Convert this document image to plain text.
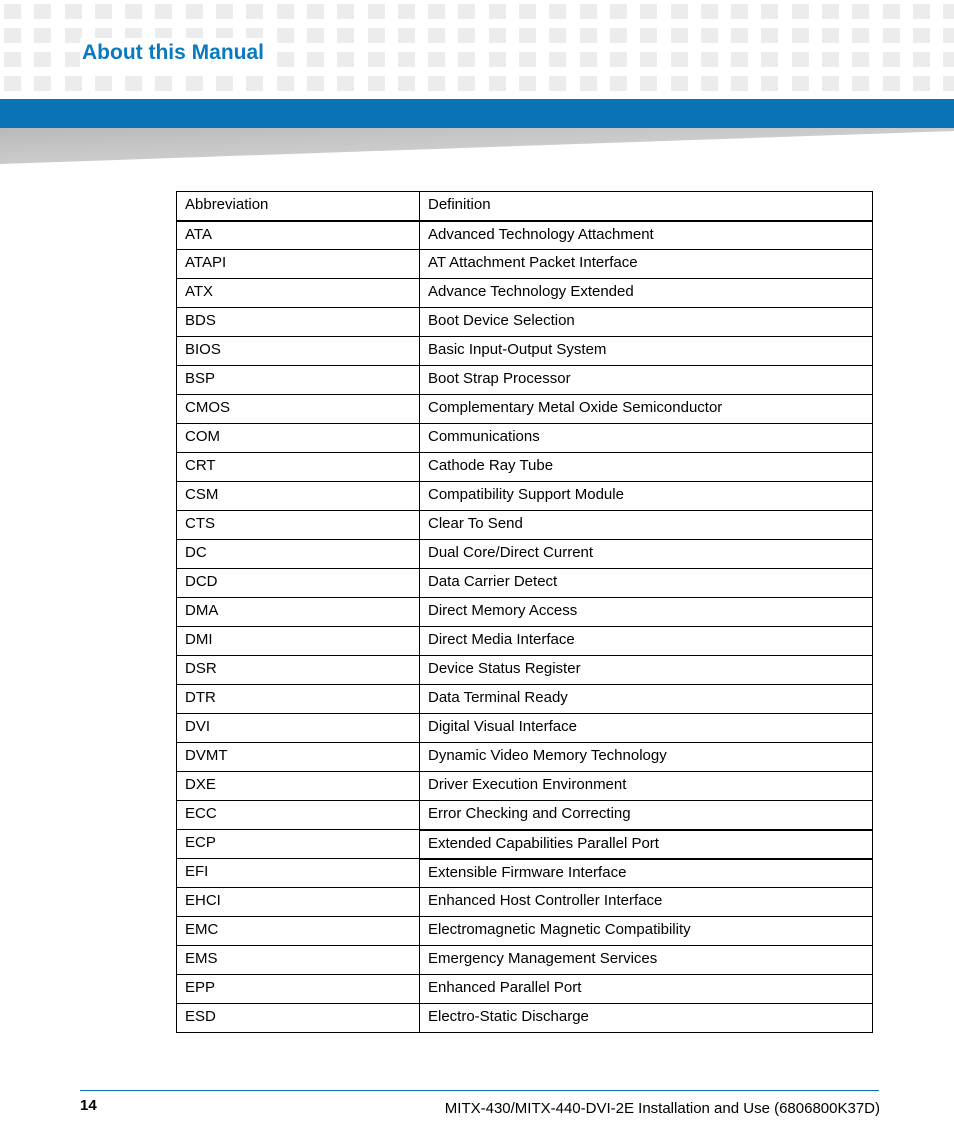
About this Manual
Abbreviation	Definition
ATA	Advanced Technology Attachment
ATAPI	AT Attachment Packet Interface
ATX	Advance Technology Extended
BDS	Boot Device Selection
BIOS	Basic Input-Output System
BSP	Boot Strap Processor
CMOS	Complementary Metal Oxide Semiconductor
COM	Communications
CRT	Cathode Ray Tube
CSM	Compatibility Support Module
CTS	Clear To Send
DC	Dual Core/Direct Current
DCD	Data Carrier Detect
DMA	Direct Memory Access
DMI	Direct Media Interface
DSR	Device Status Register
DTR	Data Terminal Ready
DVI	Digital Visual Interface
DVMT	Dynamic Video Memory Technology
DXE	Driver Execution Environment
ECC	Error Checking and Correcting
ECP	Extended Capabilities Parallel Port
EFI	Extensible Firmware Interface
EHCI	Enhanced Host Controller Interface
EMC	Electromagnetic Magnetic Compatibility
EMS	Emergency Management Services
EPP	Enhanced Parallel Port
ESD	Electro-Static Discharge
14	MITX-430/MITX-440-DVI-2E Installation and Use (6806800K37D)
